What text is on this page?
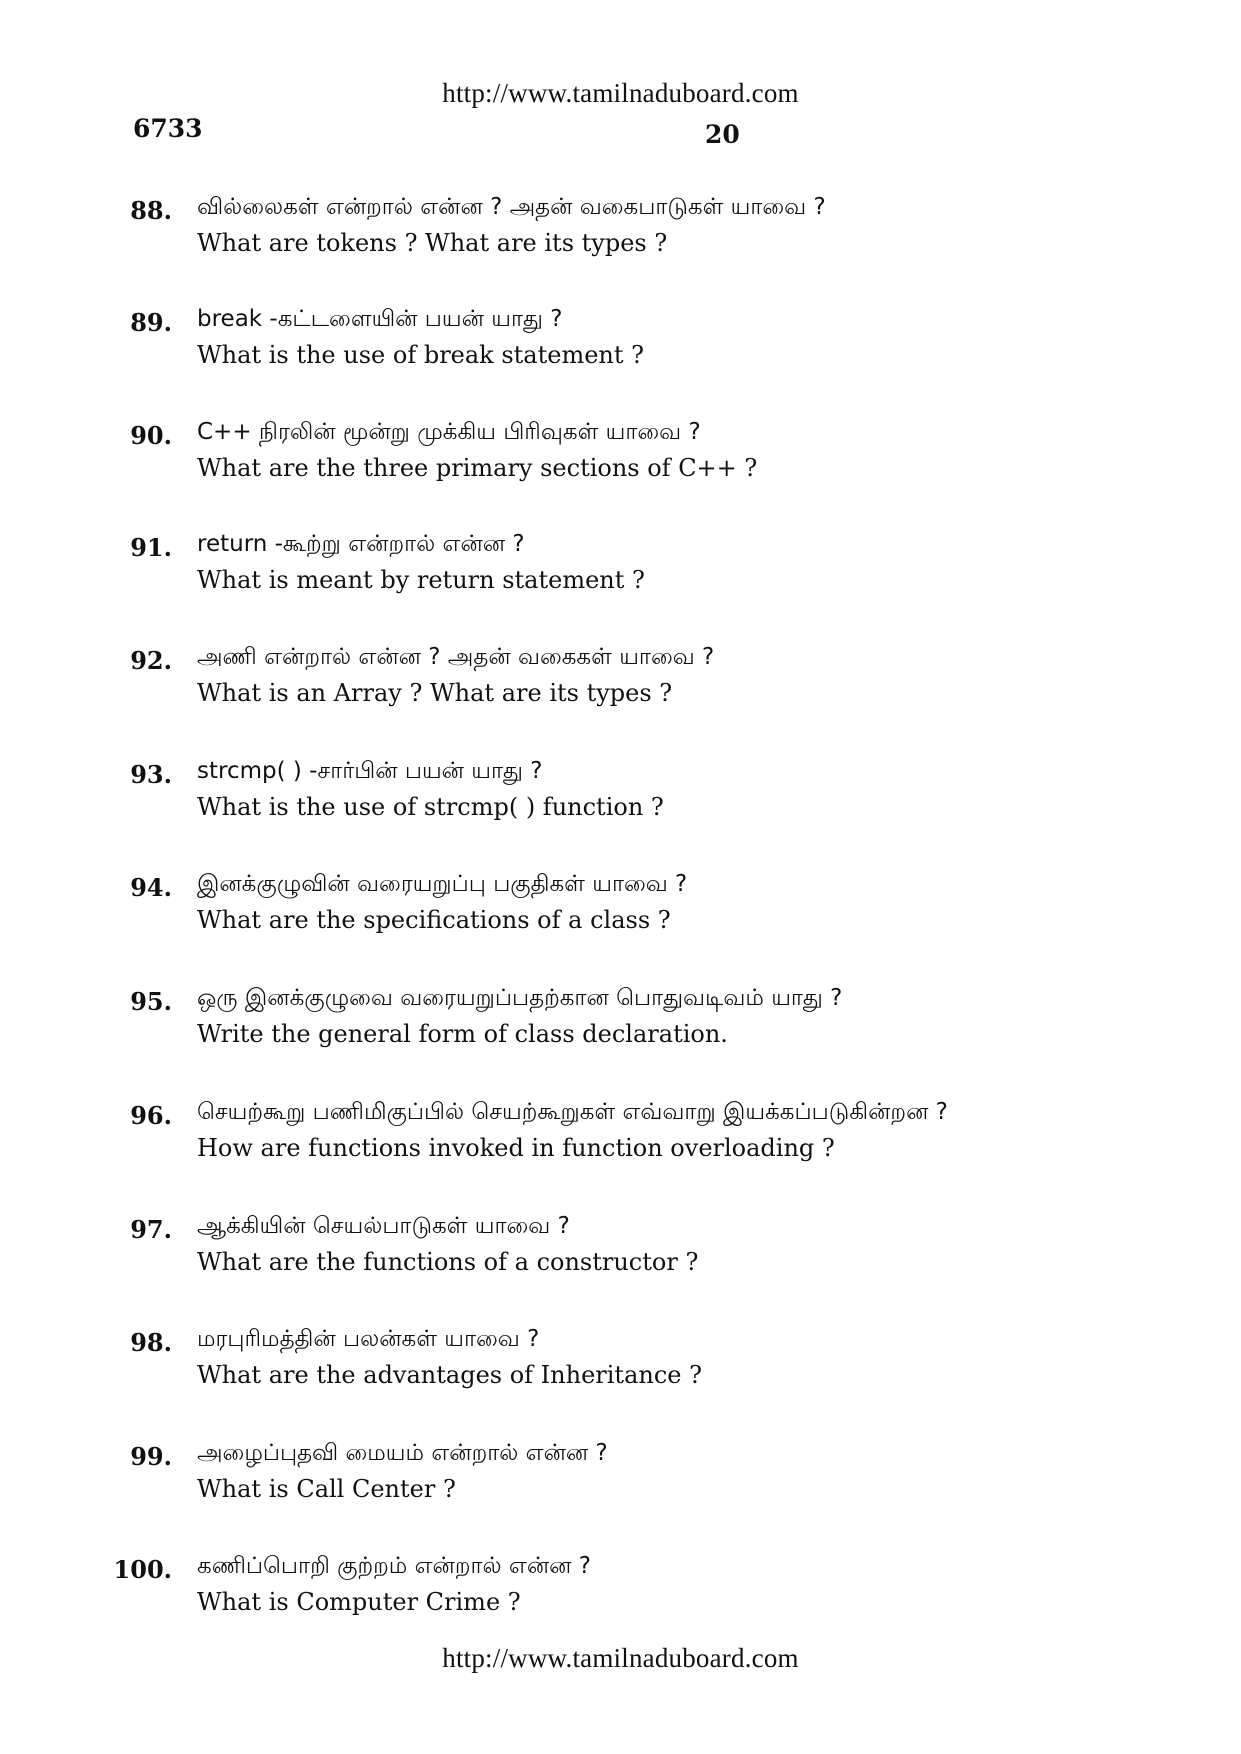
http://www.tamilnaduboard.com
6733	20
88. வில்லைகள் என்றால் என்ன ? அதன் வகைபாடுகள் யாவை ?
What are tokens ? What are its types ?
89. break -கட்டளையின் பயன் யாது ?
What is the use of break statement ?
90. C++ நிரலின் மூன்று முக்கிய பிரிவுகள் யாவை ?
What are the three primary sections of C++ ?
91. return -கூற்று என்றால் என்ன ?
What is meant by return statement ?
92. அணி என்றால் என்ன ? அதன் வகைகள் யாவை ?
What is an Array ? What are its types ?
93. strcmp( ) -சார்பின் பயன் யாது ?
What is the use of strcmp( ) function ?
94. இனக்குழுவின் வரையறுப்பு பகுதிகள் யாவை ?
What are the specifications of a class ?
95. ஒரு இனக்குழுவை வரையறுப்பதற்கான பொதுவடிவம் யாது ?
Write the general form of class declaration.
96. செயற்கூறு பணிமிகுப்பில் செயற்கூறுகள் எவ்வாறு இயக்கப்படுகின்றன ?
How are functions invoked in function overloading ?
97. ஆக்கியின் செயல்பாடுகள் யாவை ?
What are the functions of a constructor ?
98. மரபுரிமத்தின் பலன்கள் யாவை ?
What are the advantages of Inheritance ?
99. அழைப்புதவி மையம் என்றால் என்ன ?
What is Call Center ?
100. கணிப்பொறி குற்றம் என்றால் என்ன ?
What is Computer Crime ?
http://www.tamilnaduboard.com
